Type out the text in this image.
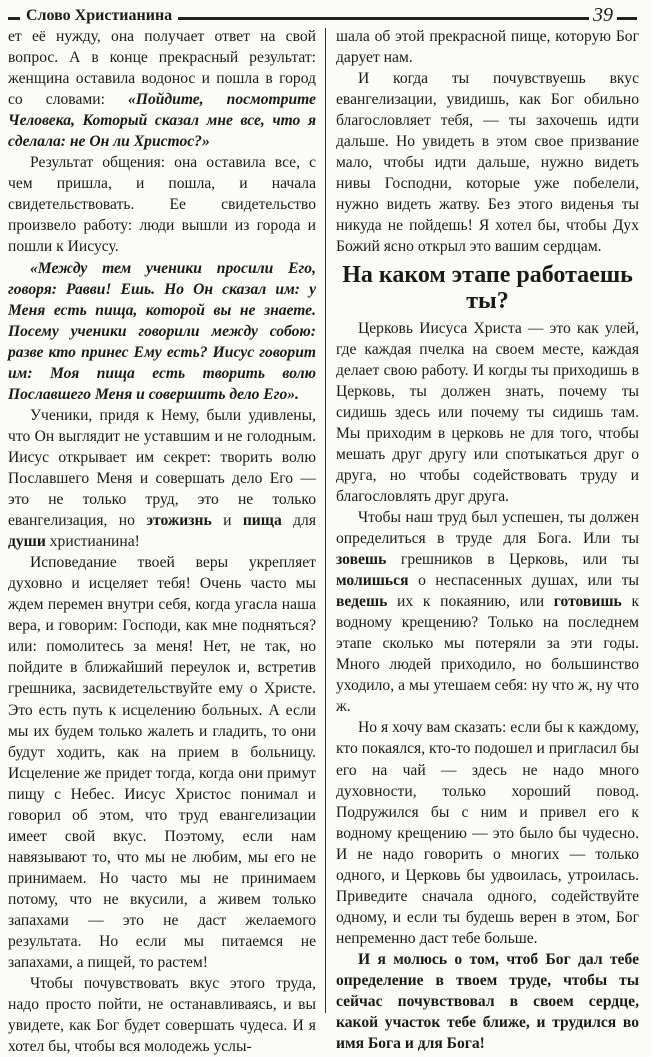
Слово Христианина	39

ет её нужду, она получает ответ на свой вопрос. А в конце прекрасный результат: женщина оставила водонос и пошла в город со словами: «Пойдите, посмотрите Человека, Который сказал мне все, что я сделала: не Он ли Христос?»

Результат общения: она оставила все, с чем пришла, и пошла, и начала свидетельствовать. Ее свидетельство произвело работу: люди вышли из города и пошли к Иисусу.

«Между тем ученики просили Его, говоря: Равви! Ешь. Но Он сказал им: у Меня есть пища, которой вы не знаете. Посему ученики говорили между собою: разве кто принес Ему есть? Иисус говорит им: Моя пища есть творить волю Пославшего Меня и совершить дело Его».

Ученики, придя к Нему, были удивлены, что Он выглядит не уставшим и не голодным. Иисус открывает им секрет: творить волю Пославшего Меня и совершать дело Его — это не только труд, это не только евангелизация, но этожизнь и пища для души христианина!

Исповедание твоей веры укрепляет духовно и исцеляет тебя! Очень часто мы ждем перемен внутри себя, когда угасла наша вера, и говорим: Господи, как мне подняться? или: помолитесь за меня! Нет, не так, но пойдите в ближайший переулок и, встретив грешника, засвидетельствуйте ему о Христе. Это есть путь к исцелению больных. А если мы их будем только жалеть и гладить, то они будут ходить, как на прием в больницу. Исцеление же придет тогда, когда они примут пищу с Небес. Иисус Христос понимал и говорил об этом, что труд евангелизации имеет свой вкус. Поэтому, если нам навязывают то, что мы не любим, мы его не принимаем. Но часто мы не принимаем потому, что не вкусили, а живем только запахами — это не даст желаемого результата. Но если мы питаемся не запахами, а пищей, то растем!

Чтобы почувствовать вкус этого труда, надо просто пойти, не останавливаясь, и вы увидете, как Бог будет совершать чудеса. И я хотел бы, чтобы вся молодежь услы-

шала об этой прекрасной пище, которую Бог дарует нам.

И когда ты почувствуешь вкус евангелизации, увидишь, как Бог обильно благословляет тебя, — ты захочешь идти дальше. Но увидеть в этом свое призвание мало, чтобы идти дальше, нужно видеть нивы Господни, которые уже побелели, нужно видеть жатву. Без этого виденья ты никуда не пойдешь! Я хотел бы, чтобы Дух Божий ясно открыл это вашим сердцам.

На каком этапе работаешь ты?

Церковь Иисуса Христа — это как улей, где каждая пчелка на своем месте, каждая делает свою работу. И когды ты приходишь в Церковь, ты должен знать, почему ты сидишь здесь или почему ты сидишь там. Мы приходим в церковь не для того, чтобы мешать друг другу или спотыкаться друг о друга, но чтобы содействовать труду и благословлять друг друга.

Чтобы наш труд был успешен, ты должен определиться в труде для Бога. Или ты зовешь грешников в Церковь, или ты молишься о неспасенных душах, или ты ведешь их к покаянию, или готовишь к водному крещению? Только на последнем этапе сколько мы потеряли за эти годы. Много людей приходило, но большинство уходило, а мы утешаем себя: ну что ж, ну что ж.

Но я хочу вам сказать: если бы к каждому, кто покаялся, кто-то подошел и пригласил бы его на чай — здесь не надо много духовности, только хороший повод. Подружился бы с ним и привел его к водному крещению — это было бы чудесно. И не надо говорить о многих — только одного, и Церковь бы удвоилась, утроилась. Приведите сначала одного, содействуйте одному, и если ты будешь верен в этом, Бог непременно даст тебе больше.

И я молюсь о том, чтоб Бог дал тебе определение в твоем труде, чтобы ты сейчас почувствовал в своем сердце, какой участок тебе ближе, и трудился во имя Бога и для Бога!
